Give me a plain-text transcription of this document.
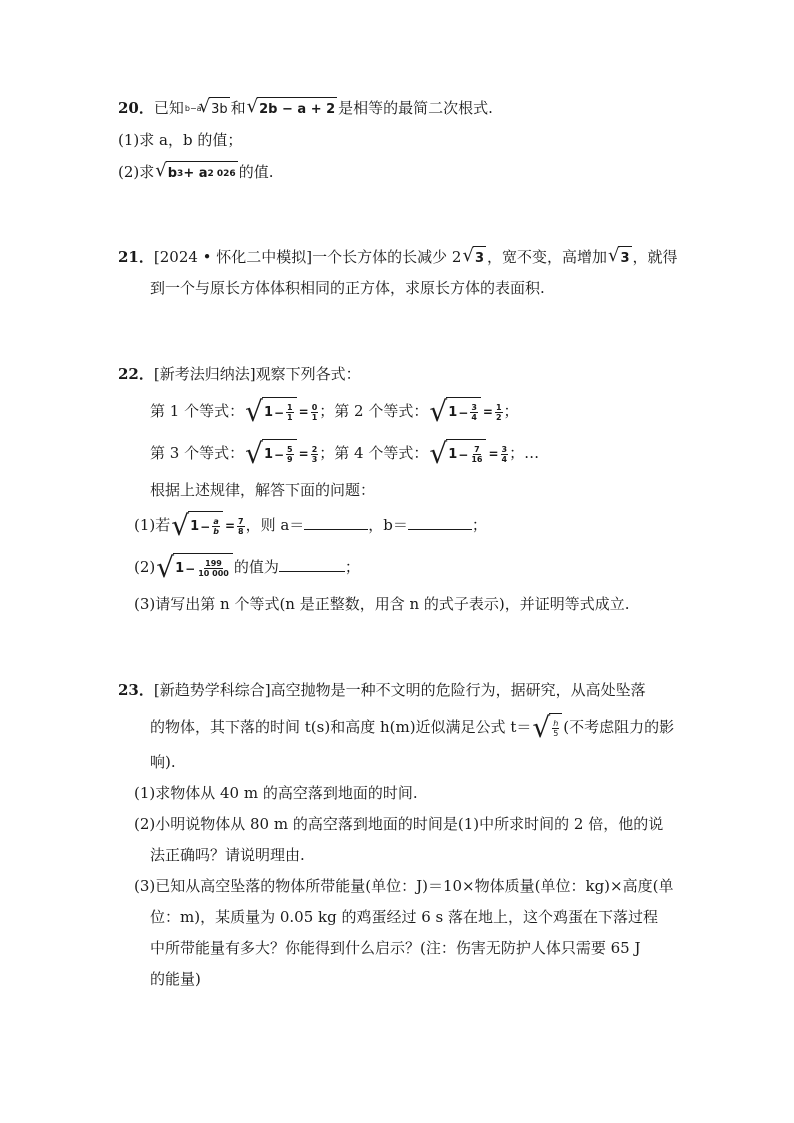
20．已知 b−a
√ 3b 和 √ 2b − a + 2 是相等的最简二次根式.
(1)求 a，b 的值；
(2)求 √ b 3 + a 2 026 的值.
21．[2024 • 怀化二中模拟]一个长方体的长减少 2 √ 3 ，宽不变，高增加 √ 3 ，就得
到一个与原长方体体积相同的正方体，求原长方体的表面积.
22．[新考法归纳法]观察下列各式：
第 1 个等式： √ $1 - \frac{1}{1} = \frac{0}{1}$ ；第 2 个等式： √ $1 - \frac{3}{4} = \frac{1}{2}$ ；
第 3 个等式： √ $1 - \frac{5}{9} = \frac{2}{3}$ ；第 4 个等式： √ $1 - \frac{7}{16} = \frac{3}{4}$ ；…
根据上述规律，解答下面的问题：
(1)若 √ $1 - \frac{a}{b} = \frac{7}{8}$ ，则 a＝	，b＝	；
(2) √ $1 - \frac{199}{10 000}$ 的值为	；
(3)请写出第 n 个等式(n 是正整数，用含 n 的式子表示)，并证明等式成立.
23．[新趋势学科综合]高空抛物是一种不文明的危险行为，据研究，从高处坠落
的物体，其下落的时间 t(s)和高度 h(m)近似满足公式 t＝ √ $\frac{h}{5}$ (不考虑阻力的影
响).
(1)求物体从 40 m 的高空落到地面的时间.
(2)小明说物体从 80 m 的高空落到地面的时间是(1)中所求时间的 2 倍，他的说
法正确吗？请说明理由.
(3)已知从高空坠落的物体所带能量(单位：J)＝10×物体质量(单位：kg)×高度(单
位：m)，某质量为 0.05 kg 的鸡蛋经过 6 s 落在地上，这个鸡蛋在下落过程
中所带能量有多大？你能得到什么启示？(注：伤害无防护人体只需要 65 J
的能量)
